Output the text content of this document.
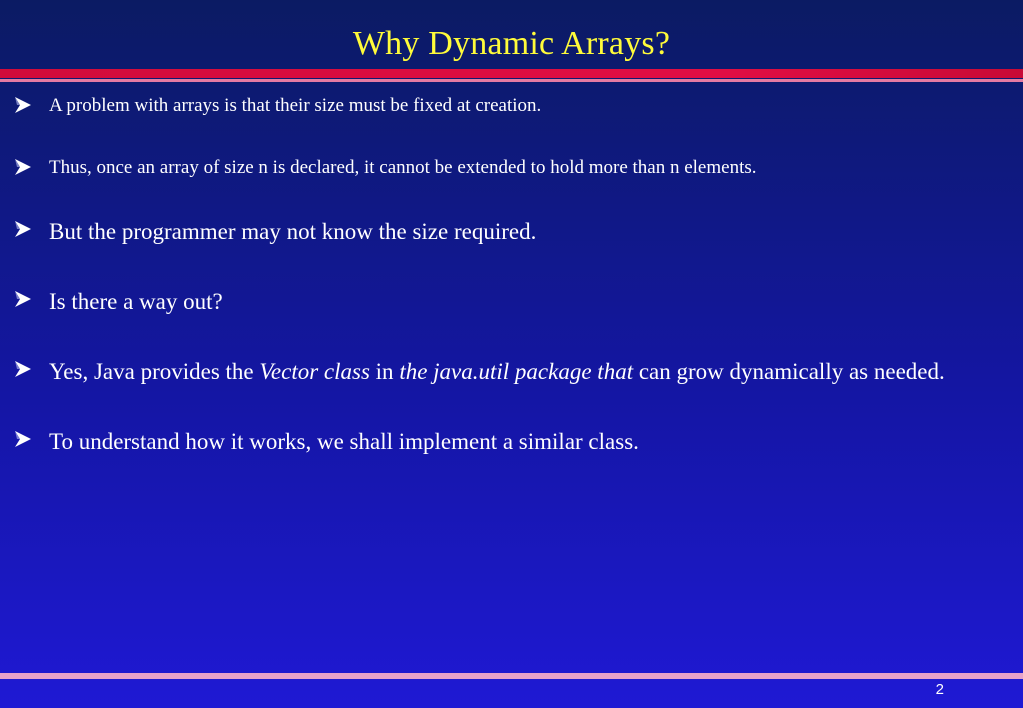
Why Dynamic Arrays?

A problem with arrays is that their size must be fixed at creation.

Thus, once an array of size n is declared, it cannot be extended to hold more than n elements.

But the programmer may not know the size required.

Is there a way out?

Yes, Java provides the Vector class in the java.util package that can grow dynamically as needed.

To understand how it works, we shall implement a similar class.

2
